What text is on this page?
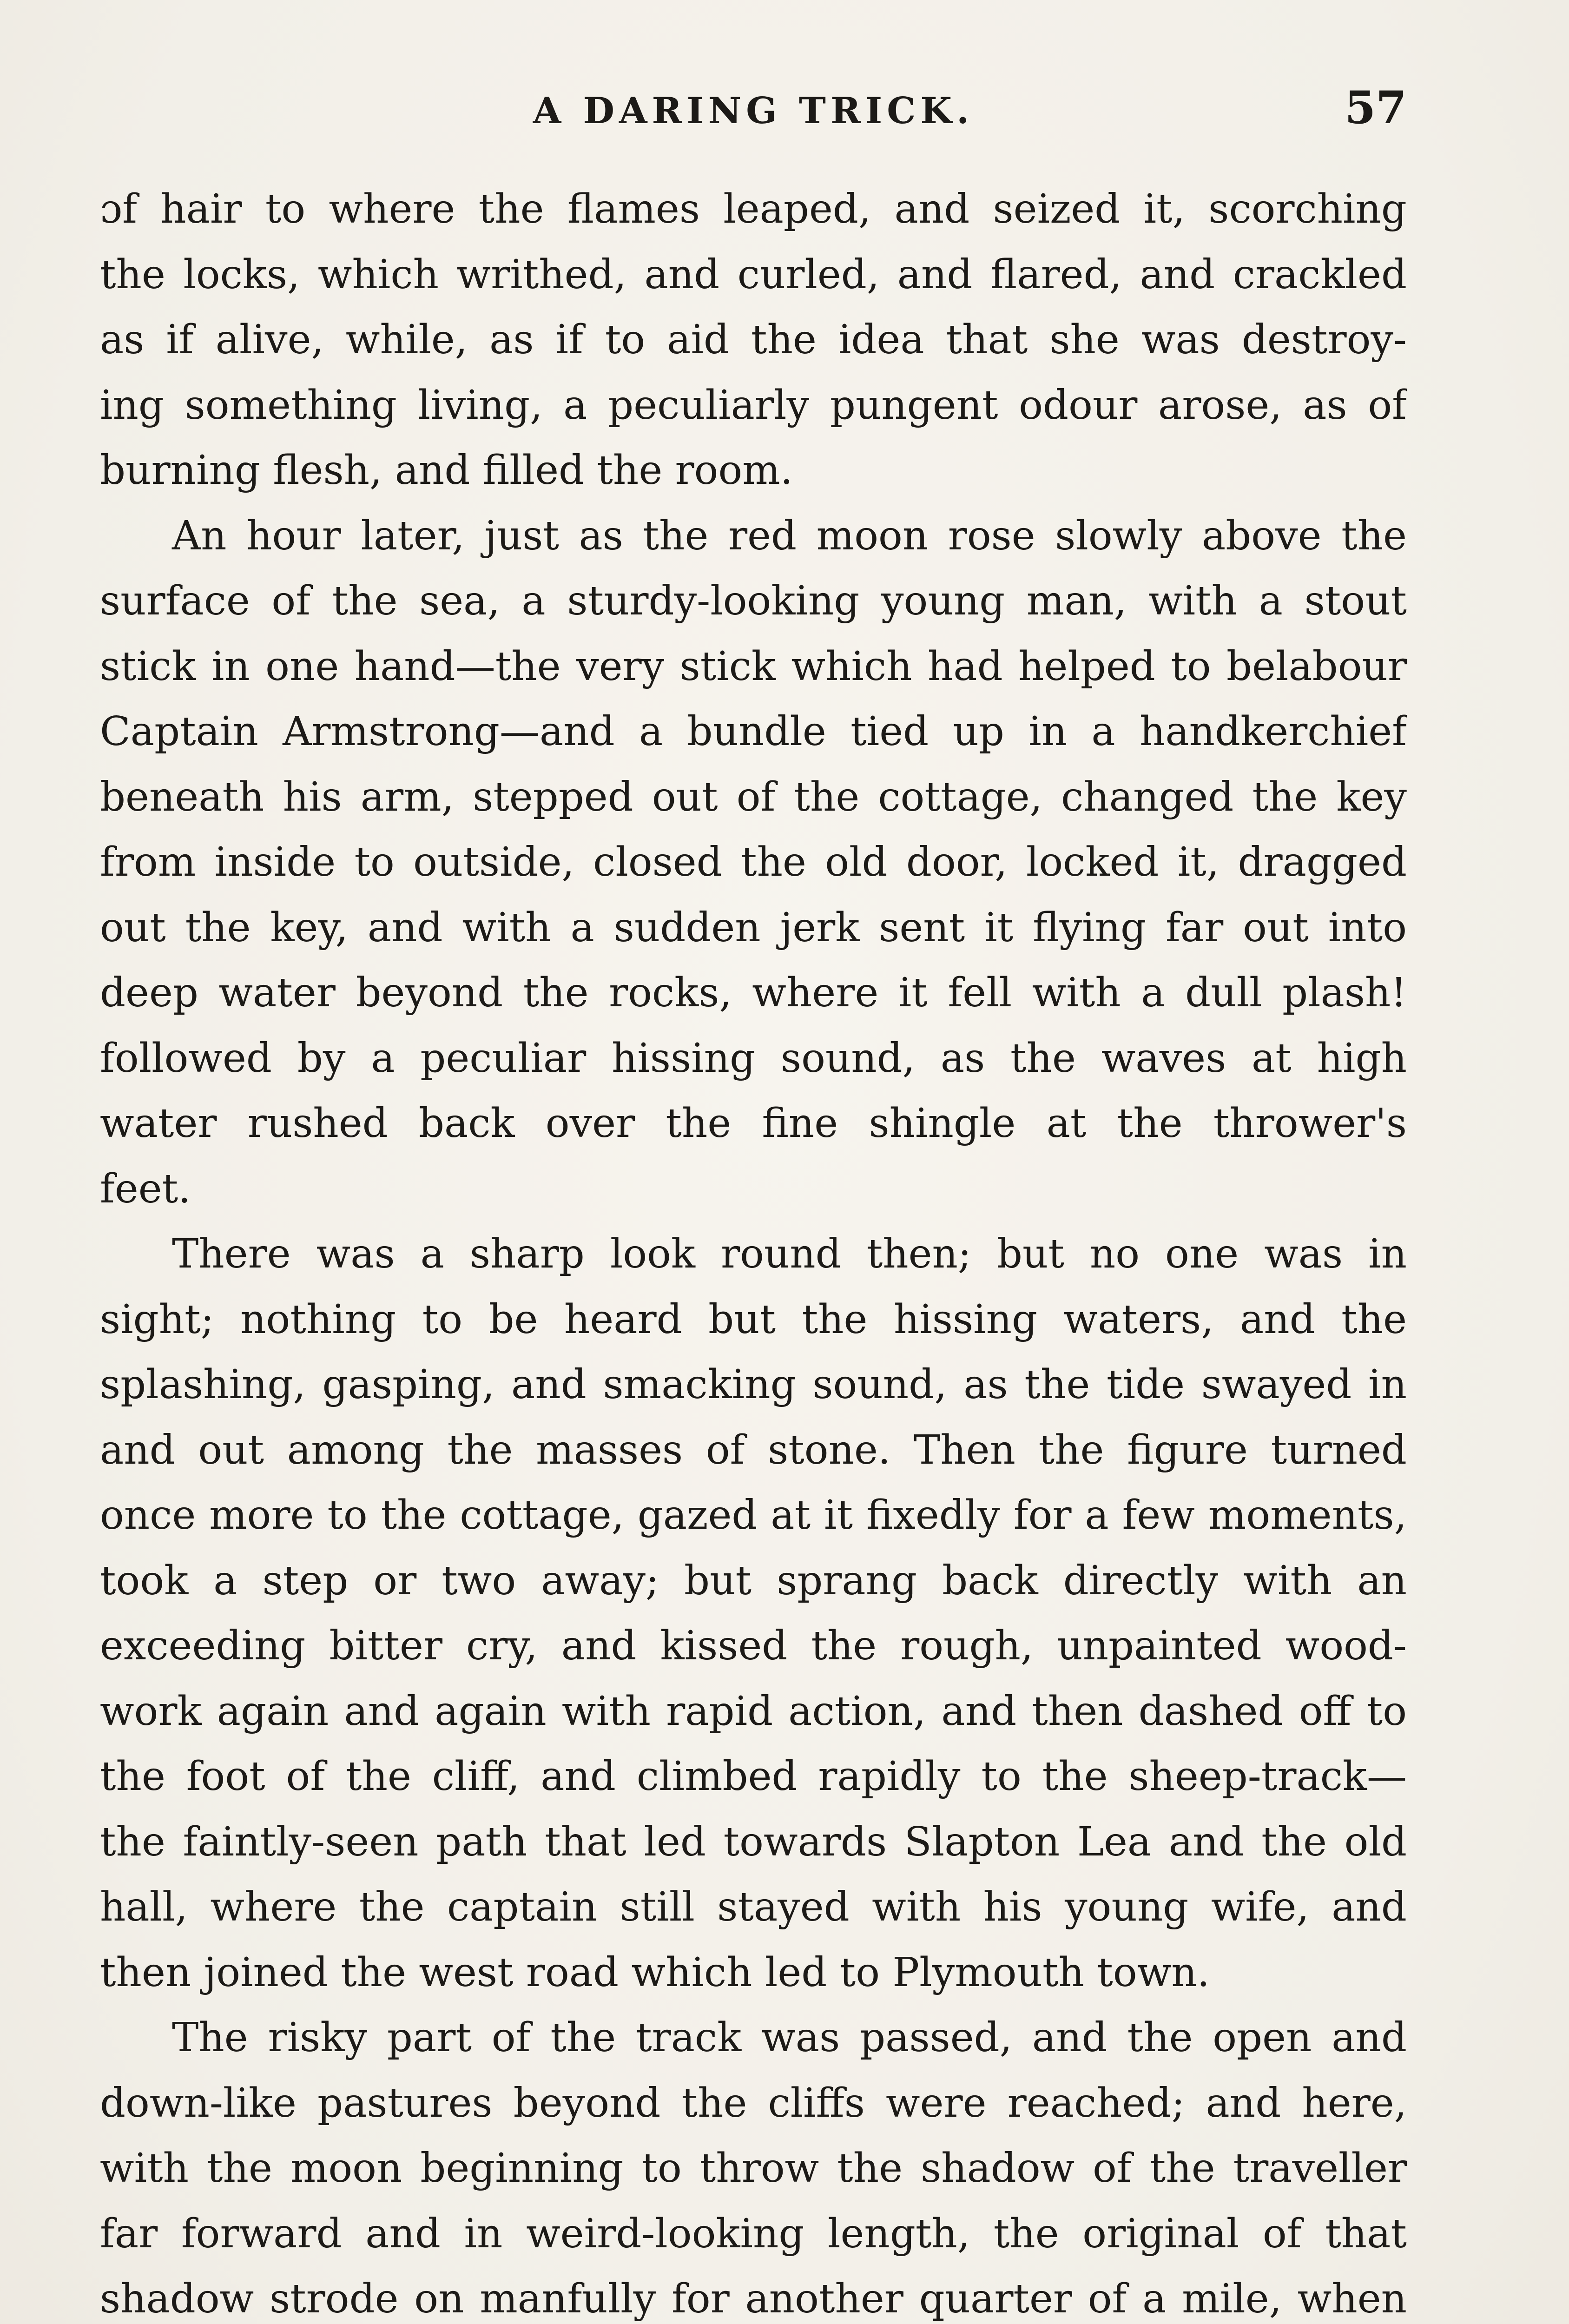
A DARING TRICK.	57
ɔf hair to where the flames leaped, and seized it, scorching
the locks, which writhed, and curled, and flared, and crackled
as if alive, while, as if to aid the idea that she was destroy-
ing something living, a peculiarly pungent odour arose, as of
burning flesh, and filled the room.
An hour later, just as the red moon rose slowly above the
surface of the sea, a sturdy-looking young man, with a stout
stick in one hand—the very stick which had helped to belabour
Captain Armstrong—and a bundle tied up in a handkerchief
beneath his arm, stepped out of the cottage, changed the key
from inside to outside, closed the old door, locked it, dragged
out the key, and with a sudden jerk sent it flying far out into
deep water beyond the rocks, where it fell with a dull plash!
followed by a peculiar hissing sound, as the waves at high
water rushed back over the fine shingle at the thrower's
feet.
There was a sharp look round then; but no one was in
sight; nothing to be heard but the hissing waters, and the
splashing, gasping, and smacking sound, as the tide swayed in
and out among the masses of stone. Then the figure turned
once more to the cottage, gazed at it fixedly for a few moments,
took a step or two away; but sprang back directly with an
exceeding bitter cry, and kissed the rough, unpainted wood-
work again and again with rapid action, and then dashed off to
the foot of the cliff, and climbed rapidly to the sheep-track—
the faintly-seen path that led towards Slapton Lea and the old
hall, where the captain still stayed with his young wife, and
then joined the west road which led to Plymouth town.
The risky part of the track was passed, and the open and
down-like pastures beyond the cliffs were reached; and here,
with the moon beginning to throw the shadow of the traveller
far forward and in weird-looking length, the original of that
shadow strode on manfully for another quarter of a mile, when
